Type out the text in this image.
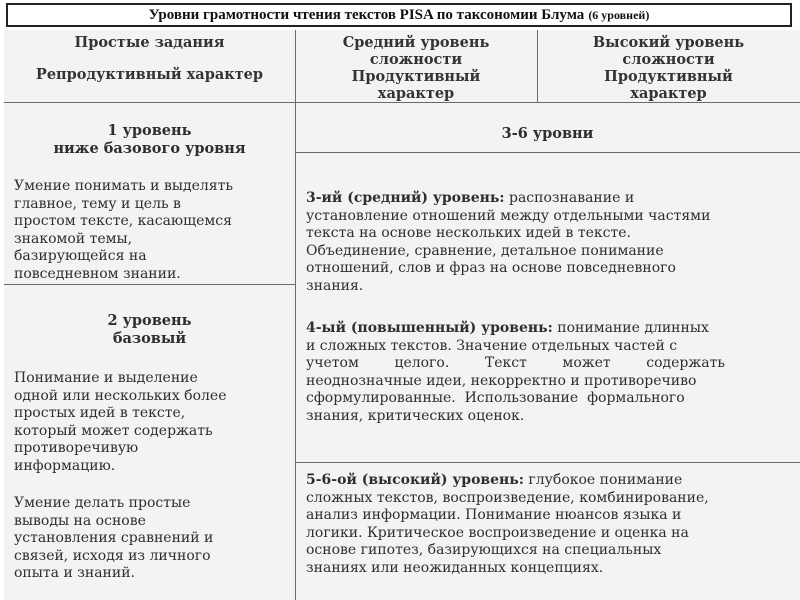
Уровни грамотности чтения текстов PISA по таксономии Блума (6 уровней)
Простые задания
Репродуктивный характер
Средний уровень
сложности
Продуктивный
характер
Высокий уровень
сложности
Продуктивный
характер
1 уровень
ниже базового уровня

Умение понимать и выделять

главное, тему и цель в

простом тексте, касающемся

знакомой темы,

базирующейся на

повседневном знании.

2 уровень
базовый

Понимание и выделение

одной или нескольких более

простых идей в тексте,

который может содержать

противоречивую

информацию.

Умение делать простые

выводы на основе

установления сравнений и

связей, исходя из личного

опыта и знаний.

3-6 уровни

3-ий (средний) уровень: распознавание и

установление отношений между отдельными частями

текста на основе нескольких идей в тексте.

Объединение, сравнение, детальное понимание

отношений, слов и фраз на основе повседневного

знания.

4-ый (повышенный) уровень: понимание длинных

и сложных текстов. Значение отдельных частей с

учетом        целого.        Текст        может        содержать

неоднозначные идеи, некорректно и противоречиво

сформулированные.  Использование  формального

знания, критических оценок.

5-6-ой (высокий) уровень: глубокое понимание

сложных текстов, воспроизведение, комбинирование,

анализ информации. Понимание нюансов языка и

логики. Критическое воспроизведение и оценка на

основе гипотез, базирующихся на специальных

знаниях или неожиданных концепциях.
